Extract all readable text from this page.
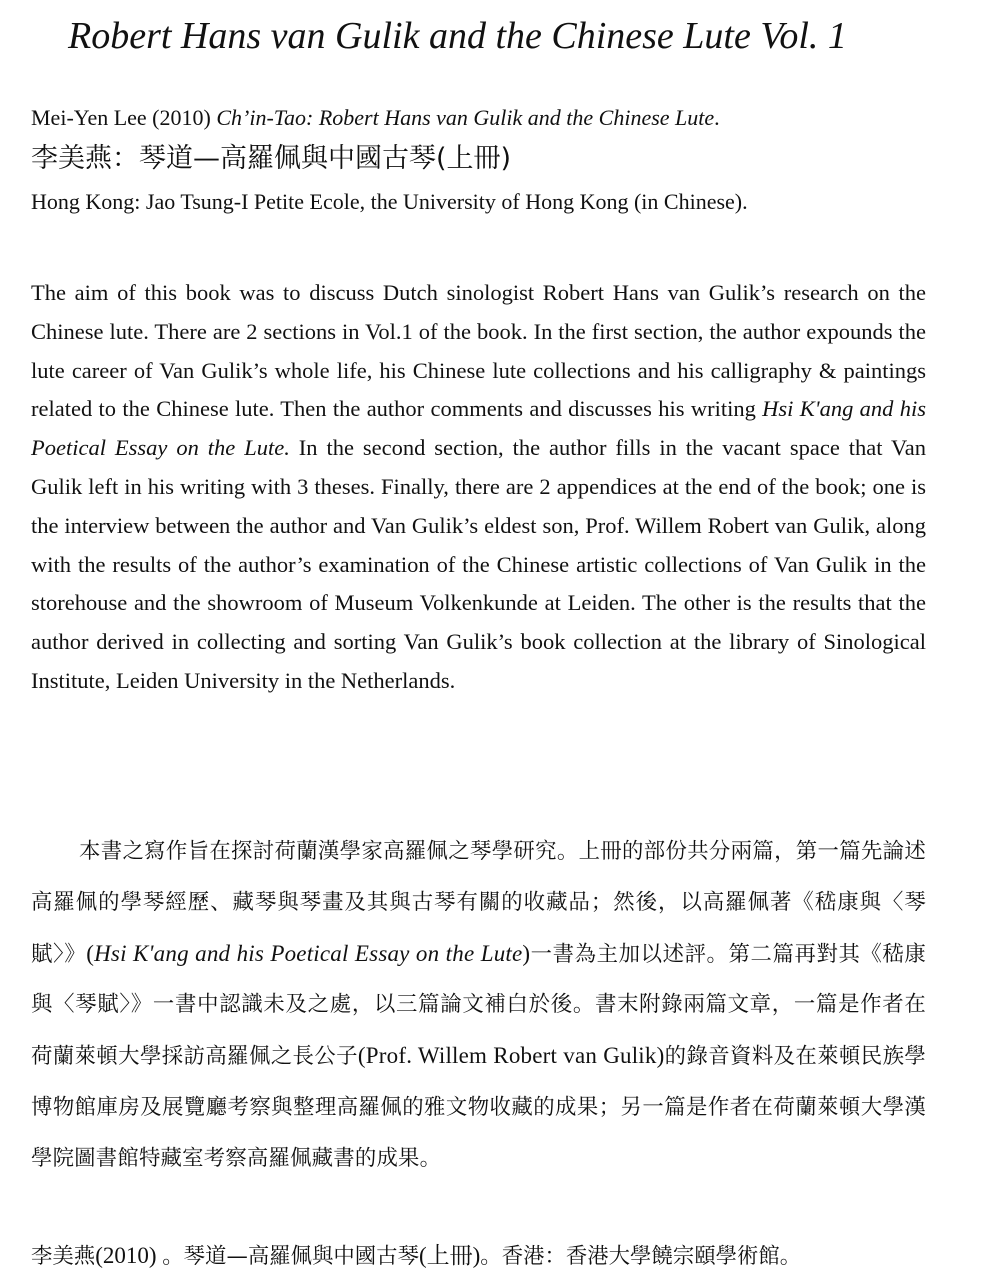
Robert Hans van Gulik and the Chinese Lute Vol. 1

Mei-Yen Lee (2010) Ch’in-Tao: Robert Hans van Gulik and the Chinese Lute.

李美燕：琴道—高羅佩與中國古琴(上冊)

Hong Kong: Jao Tsung-I Petite Ecole, the University of Hong Kong (in Chinese).

The aim of this book was to discuss Dutch sinologist Robert Hans van Gulik’s research on the Chinese lute. There are 2 sections in Vol.1 of the book. In the first section, the author expounds the lute career of Van Gulik’s whole life, his Chinese lute collections and his calligraphy & paintings related to the Chinese lute. Then the author comments and discusses his writing Hsi K'ang and his Poetical Essay on the Lute. In the second section, the author fills in the vacant space that Van Gulik left in his writing with 3 theses. Finally, there are 2 appendices at the end of the book; one is the interview between the author and Van Gulik’s eldest son, Prof. Willem Robert van Gulik, along with the results of the author’s examination of the Chinese artistic collections of Van Gulik in the storehouse and the showroom of Museum Volkenkunde at Leiden. The other is the results that the author derived in collecting and sorting Van Gulik’s book collection at the library of Sinological Institute, Leiden University in the Netherlands.

本書之寫作旨在探討荷蘭漢學家高羅佩之琴學研究。上冊的部份共分兩篇，第一篇先論述高羅佩的學琴經歷、藏琴與琴畫及其與古琴有關的收藏品；然後，以高羅佩著《嵇康與〈琴賦〉》(Hsi K'ang and his Poetical Essay on the Lute)一書為主加以述評。第二篇再對其《嵇康與〈琴賦〉》一書中認識未及之處，以三篇論文補白於後。書末附錄兩篇文章，一篇是作者在荷蘭萊頓大學採訪高羅佩之長公子(Prof. Willem Robert van Gulik)的錄音資料及在萊頓民族學博物館庫房及展覽廳考察與整理高羅佩的雅文物收藏的成果；另一篇是作者在荷蘭萊頓大學漢學院圖書館特藏室考察高羅佩藏書的成果。

李美燕(2010) 。琴道—高羅佩與中國古琴(上冊)。香港：香港大學饒宗頤學術館。
